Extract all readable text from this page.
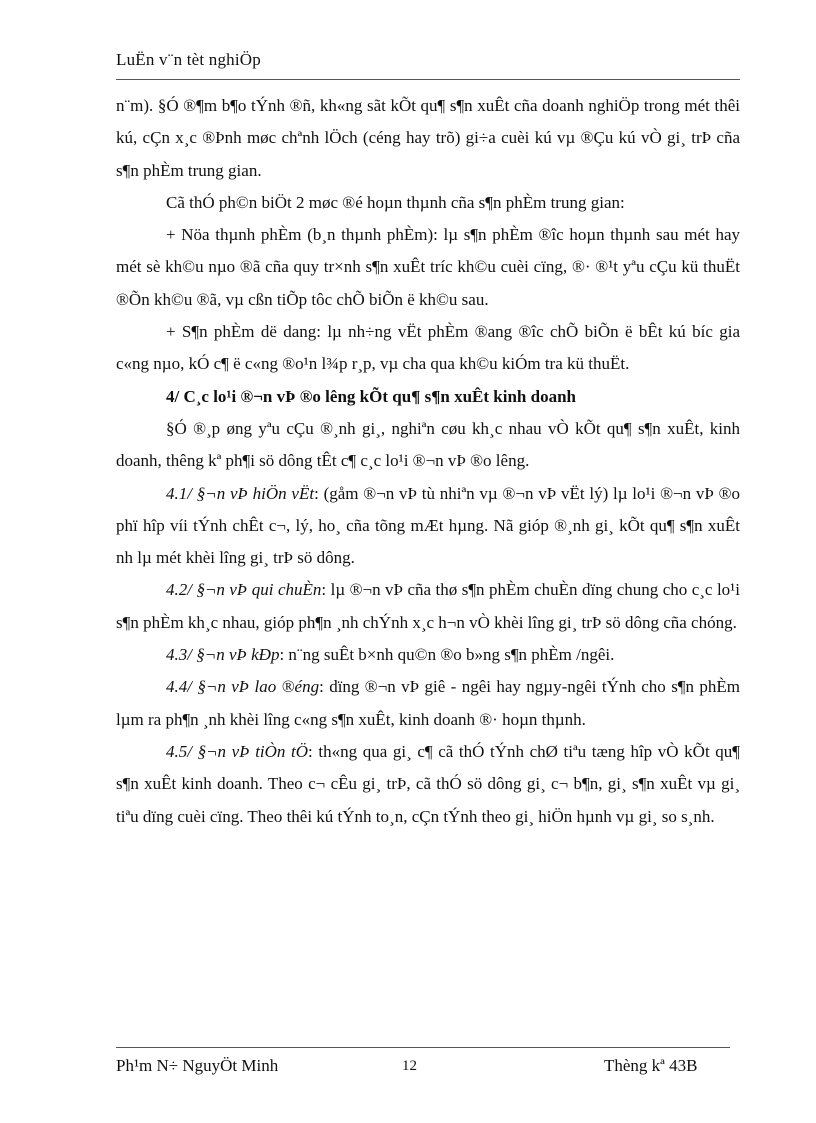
LuËn v¨n tèt nghiÖp

n¨m). §Ó ®¶m b¶o tÝnh ®ñ, kh«ng sãt kÕt qu¶ s¶n xuÊt cña doanh nghiÖp trong mét thêi kú, cÇn x¸c ®Þnh møc chªnh lÖch (céng hay trõ) gi÷a cuèi kú vµ ®Çu kú vÒ gi¸ trÞ cña s¶n phÈm trung gian.

Cã thÓ ph©n biÖt 2 møc ®é hoµn thµnh cña s¶n phÈm trung gian:

+ Nöa thµnh phÈm (b¸n thµnh phÈm): lµ s¶n phÈm ®îc hoµn thµnh sau mét hay mét sè kh©u nµo ®ã cña quy tr×nh s¶n xuÊt tríc kh©u cuèi cïng, ®· ®¹t yªu cÇu kü thuËt ®Õn kh©u ®ã, vµ cßn tiÕp tôc chÕ biÕn ë kh©u sau.

+ S¶n phÈm dë dang: lµ nh÷ng vËt phÈm ®ang ®îc chÕ biÕn ë bÊt kú bíc gia c«ng nµo, kÓ c¶ ë c«ng ®o¹n l¾p r¸p, vµ cha qua kh©u kiÓm tra kü thuËt.

4/ C¸c lo¹i ®¬n vÞ ®o lêng kÕt qu¶ s¶n xuÊt kinh doanh

§Ó ®¸p øng yªu cÇu ®¸nh gi¸, nghiªn cøu kh¸c nhau vÒ kÕt qu¶ s¶n xuÊt, kinh doanh, thêng kª ph¶i sö dông tÊt c¶ c¸c lo¹i ®¬n vÞ ®o lêng.

4.1/ §¬n vÞ hiÖn vËt: (gåm ®¬n vÞ tù nhiªn vµ ®¬n vÞ vËt lý) lµ lo¹i ®¬n vÞ ®o phï hîp víi tÝnh chÊt c¬, lý, ho¸ cña tõng mÆt hµng. Nã gióp ®¸nh gi¸ kÕt qu¶ s¶n xuÊt nh lµ mét khèi lîng gi¸ trÞ sö dông.

4.2/ §¬n vÞ qui chuÈn: lµ ®¬n vÞ cña thø s¶n phÈm chuÈn dïng chung cho c¸c lo¹i s¶n phÈm kh¸c nhau, gióp ph¶n ¸nh chÝnh x¸c h¬n vÒ khèi lîng gi¸ trÞ sö dông cña chóng.

4.3/ §¬n vÞ kÐp: n¨ng suÊt b×nh qu©n ®o b»ng s¶n phÈm /ngêi.

4.4/ §¬n vÞ lao ®éng: dïng ®¬n vÞ giê - ngêi hay ngµy-ngêi tÝnh cho s¶n phÈm lµm ra ph¶n ¸nh khèi lîng c«ng s¶n xuÊt, kinh doanh ®· hoµn thµnh.

4.5/ §¬n vÞ tiÒn tÖ: th«ng qua gi¸ c¶ cã thÓ tÝnh chØ tiªu tæng hîp vÒ kÕt qu¶ s¶n xuÊt kinh doanh. Theo c¬ cÊu gi¸ trÞ, cã thÓ sö dông gi¸ c¬ b¶n, gi¸ s¶n xuÊt vµ gi¸ tiªu dïng cuèi cïng. Theo thêi kú tÝnh to¸n, cÇn tÝnh theo gi¸ hiÖn hµnh vµ gi¸ so s¸nh.

Ph¹m N÷ NguyÖt Minh	12	Thèng kª 43B
